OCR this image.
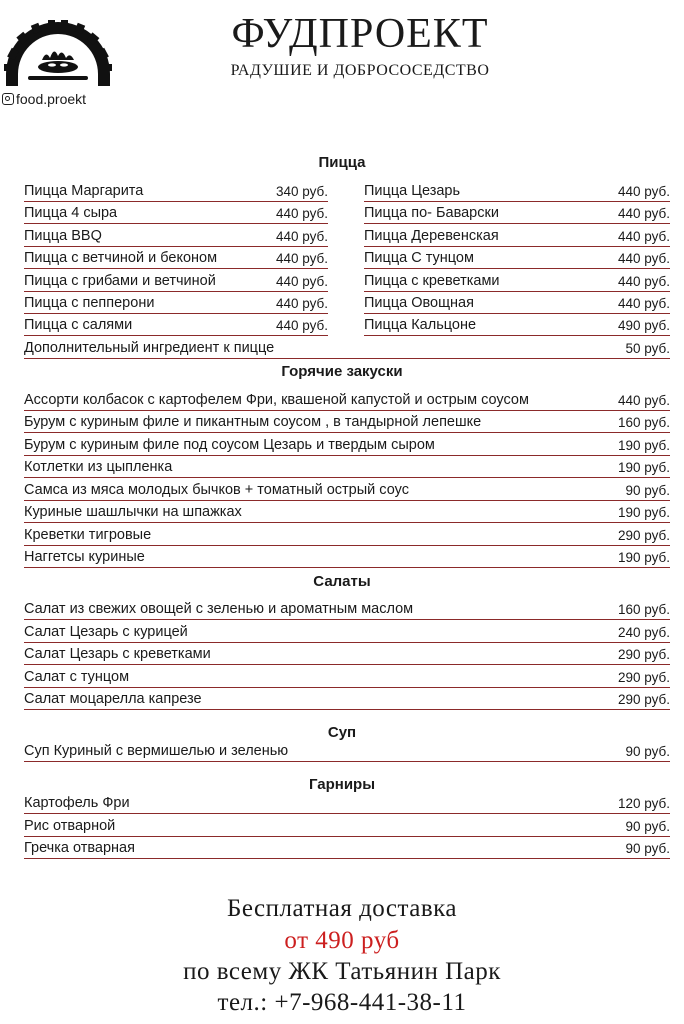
food.proekt
ФУДПРОЕКТ
РАДУШИЕ И ДОБРОСОСЕДСТВО
Пицца
Пицца Маргарита	340 руб.
Пицца 4 сыра	440 руб.
Пицца BBQ	440 руб.
Пицца с ветчиной и беконом	440 руб.
Пицца с грибами и ветчиной	440 руб.
Пицца с пепперони	440 руб.
Пицца с салями	440 руб.
Пицца Цезарь	440 руб.
Пицца по- Баварски	440 руб.
Пицца Деревенская	440 руб.
Пицца С тунцом	440 руб.
Пицца с креветками	440 руб.
Пицца Овощная	440 руб.
Пицца Кальцоне	490 руб.
Дополнительный ингредиент к пицце	50 руб.
Горячие закуски
Ассорти колбасок с картофелем Фри, квашеной капустой и острым соусом	440 руб.
Бурум с куриным филе и пикантным соусом , в тандырной лепешке	160 руб.
Бурум с куриным филе под соусом Цезарь и твердым сыром	190 руб.
Котлетки из цыпленка	190 руб.
Самса из мяса молодых бычков + томатный острый соус	90 руб.
Куриные шашлычки на шпажках	190 руб.
Креветки тигровые	290 руб.
Наггетсы куриные	190 руб.
Салаты
Салат из свежих овощей с зеленью и ароматным маслом	160 руб.
Салат Цезарь с курицей	240 руб.
Салат Цезарь с креветками	290 руб.
Салат с тунцом	290 руб.
Салат моцарелла капрезе	290 руб.
Суп
Суп Куриный с вермишелью и зеленью	90 руб.
Гарниры
Картофель Фри	120 руб.
Рис отварной	90 руб.
Гречка отварная	90 руб.
Бесплатная доставка
от 490 руб
по всему ЖК Татьянин Парк
тел.: +7-968-441-38-11
